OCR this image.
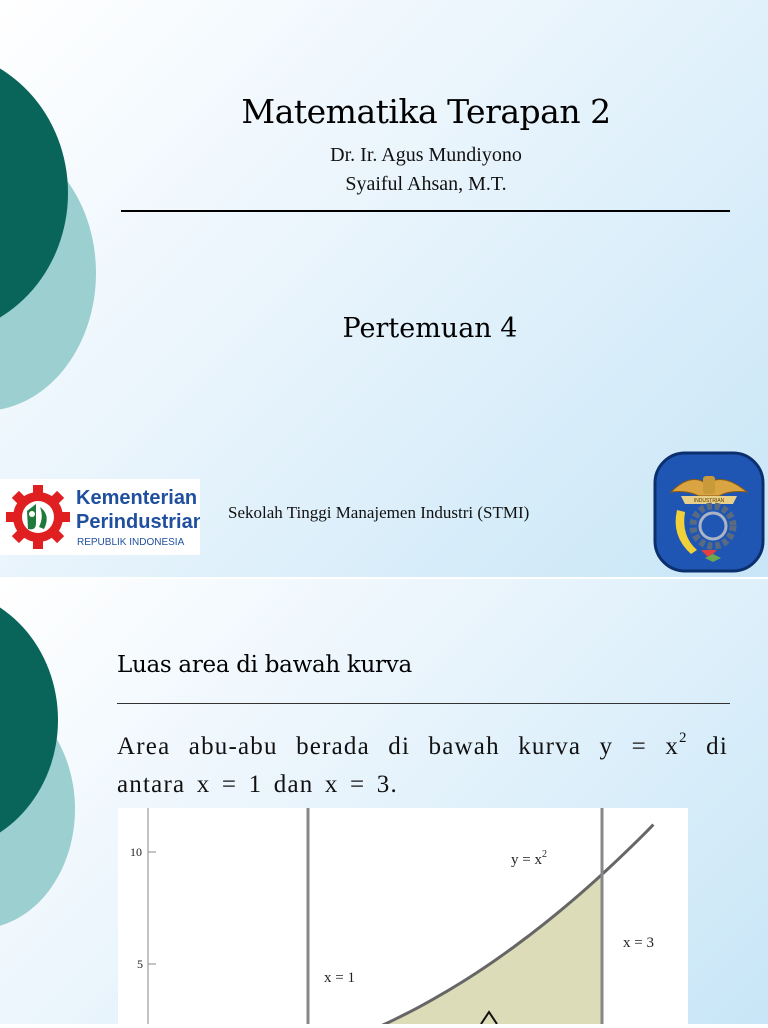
Matematika Terapan 2
Dr. Ir. Agus Mundiyono
Syaiful Ahsan, M.T.
Pertemuan 4
Kementerian
Perindustrian
REPUBLIK INDONESIA
Sekolah Tinggi Manajemen Industri (STMI)
INDUSTRIAN
Luas area di bawah kurva
Area abu-abu berada di bawah kurva $y = x^2$ di antara x = 1 dan x = 3.
10
5
$y = x^2$
x = 1
x = 3
